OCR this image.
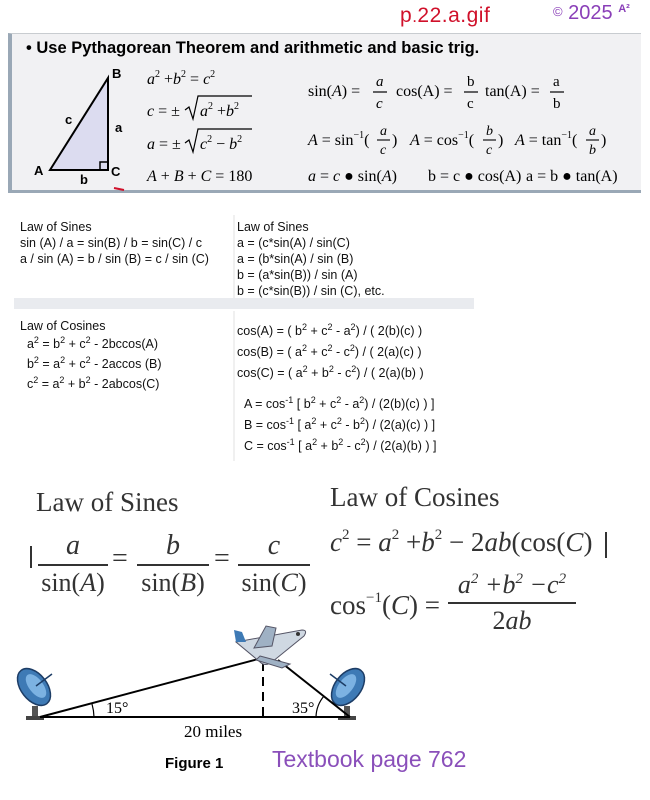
p.22.a.gif	© 2025 $^{A^2}$
• Use Pythagorean Theorem and arithmetic and basic trig.
B
A	C
c
a
b
$a^2 +b^2 = c^2$
c = ± $a^2 +b^2$
a = ± $c^2 - b^2$
A + B + C = 180
sin(A) =
a
c
cos(A) =
b
c
tan(A) =
a
b
$A = \sin^{-1}$(
a
c
) $A = \cos^{-1}$(
b
c
) $A = \tan^{-1}$(
a
b
)
a = c ● sin(A) b = c ● cos(A) a = b ● tan(A)
Law of Sines
sin (A) / a = sin(B) / b = sin(C) / c
a / sin (A) = b / sin (B) = c / sin (C)
Law of Sines
a = (c*sin(A) / sin(C)
a = (b*sin(A) / sin (B)
b = (a*sin(B)) / sin (A)
b = (c*sin(B)) / sin (C), etc.
Law of Cosines
$a^2 = b^2 + c^2 - 2bccos(A)$
$b^2 = a^2 + c^2 - 2accos$ (B)
$c^2 = a^2 + b^2 - 2abcos(C)$
cos(A) = ( $b^2 + c^2 - a^2$) / ( 2(b)(c) )
cos(B) = ( $a^2 + c^2 - c^2$) / ( 2(a)(c) )
cos(C) = ( $a^2 + b^2 - c^2$) / ( 2(a)(b) )
$A = \cos^{-1}$ [ $b^2 + c^2 - a^2) / (2(b)(c)$ ) ]
$B = \cos^{-1}$ [ $a^2 + c^2 - b^2) / (2(a)(c)$ ) ]
$C = \cos^{-1}$ [ $a^2 + b^2 - c^2) / (2(a)(b)$ ) ]
Law of Sines
a
sin(A)
=	b
sin(B)
=	c
sin(C)
Law of Cosines
$c^2 = a^2 +b^2 - 2ab(\cos(C)$
$\cos^{-1}(C)$ =
$a^2 +b^2 -c^2$
2ab
15°	35°
20 miles
Figure 1 Textbook page 762
